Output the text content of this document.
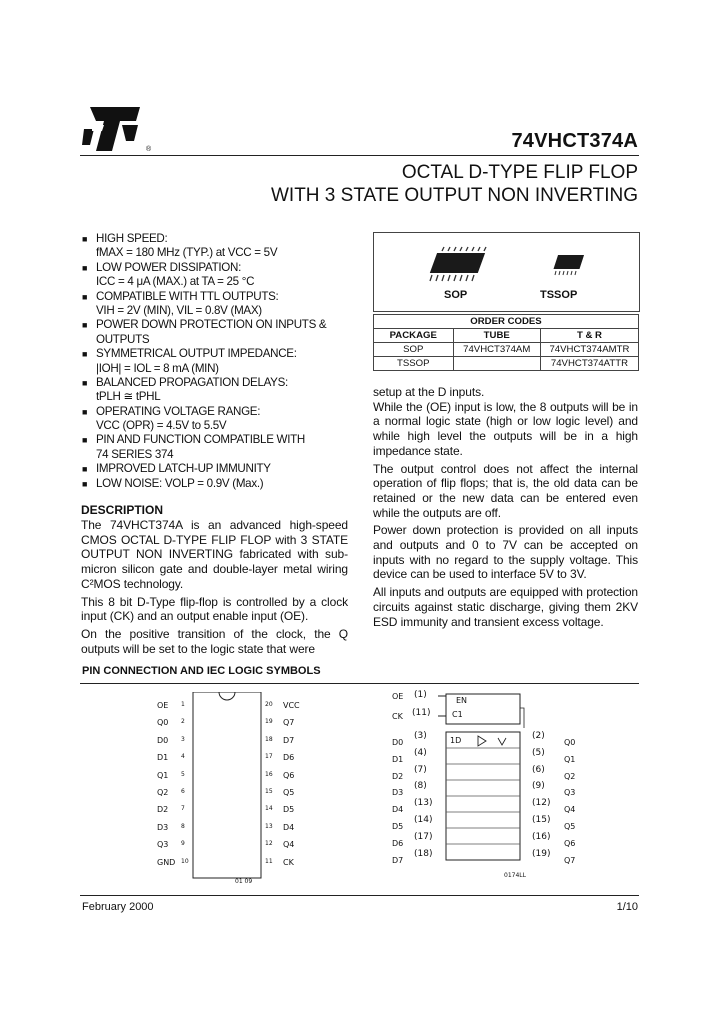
®	74VHCT374A
OCTAL D-TYPE FLIP FLOP
WITH 3 STATE OUTPUT NON INVERTING
■ HIGH SPEED:
fMAX = 180 MHz (TYP.) at VCC = 5V
■ LOW POWER DISSIPATION:
ICC = 4 μA (MAX.) at TA = 25 °C
■ COMPATIBLE WITH TTL OUTPUTS:
VIH = 2V (MIN), VIL = 0.8V (MAX)
■ POWER DOWN PROTECTION ON INPUTS &
OUTPUTS
■ SYMMETRICAL OUTPUT IMPEDANCE:
|IOH| = IOL = 8 mA (MIN)
■ BALANCED PROPAGATION DELAYS:
tPLH ≅ tPHL
■ OPERATING VOLTAGE RANGE:
VCC (OPR) = 4.5V to 5.5V
■ PIN AND FUNCTION COMPATIBLE WITH
74 SERIES 374
■ IMPROVED LATCH-UP IMMUNITY
■ LOW NOISE: VOLP = 0.9V (Max.)
SOP	TSSOP
ORDER CODES		
PACKAGE	TUBE	T & R
SOP	74VHCT374AM	74VHCT374AMTR
TSSOP		74VHCT374ATTR
DESCRIPTION

The 74VHCT374A is an advanced high-speed CMOS OCTAL D-TYPE FLIP FLOP with 3 STATE OUTPUT NON INVERTING fabricated with sub-micron silicon gate and double-layer metal wiring C²MOS technology.

This 8 bit D-Type flip-flop is controlled by a clock input (CK) and an output enable input (OE).

On the positive transition of the clock, the Q outputs will be set to the logic state that were

setup at the D inputs.

While the (OE) input is low, the 8 outputs will be in a normal logic state (high or low logic level) and while high level the outputs will be in a high impedance state.

The output control does not affect the internal operation of flip flops; that is, the old data can be retained or the new data can be entered even while the outputs are off.

Power down protection is provided on all inputs and outputs and 0 to 7V can be accepted on inputs with no regard to the supply voltage. This device can be used to interface 5V to 3V.

All inputs and outputs are equipped with protection circuits against static discharge, giving them 2KV ESD immunity and transient excess voltage.

PIN CONNECTION AND IEC LOGIC SYMBOLS
OE 1
Q0 2
D0 3
D1 4
Q1 5
Q2 6
D2 7
D3 8
Q3 9
GND 10
20 VCC
19 Q7
18 D7
17 D6
16 Q6
15 Q5
14 D5
13 D4
12 Q4
11 CK
01 09
OE (1)
CK (11)
EN
C1
1D
D0
(3)
D1
(4)
D2
(7)
D3
(8)
D4
(13)
D5
(14)
D6
(17)
D7
(18)
(2)
Q0
(5)
Q1
(6)
Q2
(9)
Q3
(12)
Q4
(15)
Q5
(16)
Q6
(19)
Q7
0174LL
February 2000	1/10
